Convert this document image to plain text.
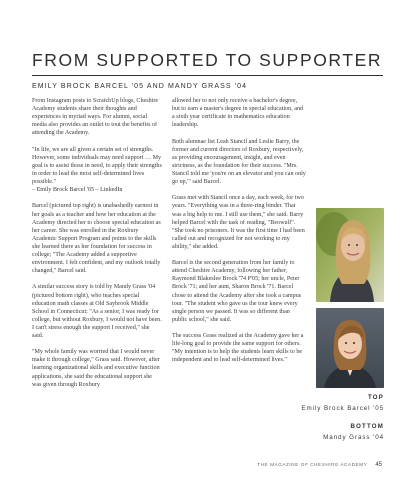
FROM SUPPORTED TO SUPPORTER
EMILY BROCK BARCEL '05 AND MANDY GRASS '04

From Instagram posts to ScratchUp blogs, Cheshire Academy students share their thoughts and experiences in myriad ways. For alumni, social media also provides an outlet to tout the benefits of attending the Academy.

"In life, we are all given a certain set of strengths. However, some individuals may need support … My goal is to assist those in need, to apply their strengths in order to lead the most self-determined lives possible."

– Emily Brock Barcel '05 – LinkedIn

Barcel (pictured top right) is unabashedly earnest in her goals as a teacher and how her education at the Academy directed her to choose special education as her career. She was enrolled in the Roxbury Academic Support Program and points to the skills she learned there as her foundation for success in college; "The Academy added a supportive environment. I felt confident, and my outlook totally changed," Barcel said.

A similar success story is told by Mandy Grass '04 (pictured bottom right), who teaches special education math classes at Old Saybrook Middle School in Connecticut: "As a senior, I was ready for college, but without Roxbury, I would not have been. I can't stress enough the support I received," she said.

"My whole family was worried that I would never make it through college," Grass said. However, after learning organizational skills and executive function applications, she said the educational support she was given through Roxbury

allowed her to not only receive a bachelor's degree, but to earn a master's degree in special education, and a sixth year certificate in mathematics education leadership.

Both alumnae list Leah Stancil and Leslie Barry, the former and current directors of Roxbury, respectively, as providing encouragement, insight, and even strictness, as the foundation for their success. "Mrs. Stancil told me 'you're on an elevator and you can only go up,'" said Barcel.

Grass met with Stancil once a day, each week, for two years. "Everything was in a three-ring binder. That was a big help to me. I still use them," she said. Barry helped Barcel with the task of reading, "Beowulf". "She took no prisoners. It was the first time I had been called out and recognized for not working to my ability," she added.

Barcel is the second generation from her family to attend Cheshire Academy, following her father, Raymond Blakeslee Brock '74 P'05; her uncle, Peter Brock '71; and her aunt, Sharon Brock '71. Barcel chose to attend the Academy after she took a campus tour. "The student who gave us the tour knew every single person we passed. It was so different than public school," she said.

The success Grass realized at the Academy gave her a life-long goal to provide the same support for others. "My intention is to help the students learn skills to be independent and to lead self-determined lives."

TOP
Emily Brock Barcel '05
BOTTOM
Mandy Grass '04
THE MAGAZINE OF CHESHIRE ACADEMY 45
